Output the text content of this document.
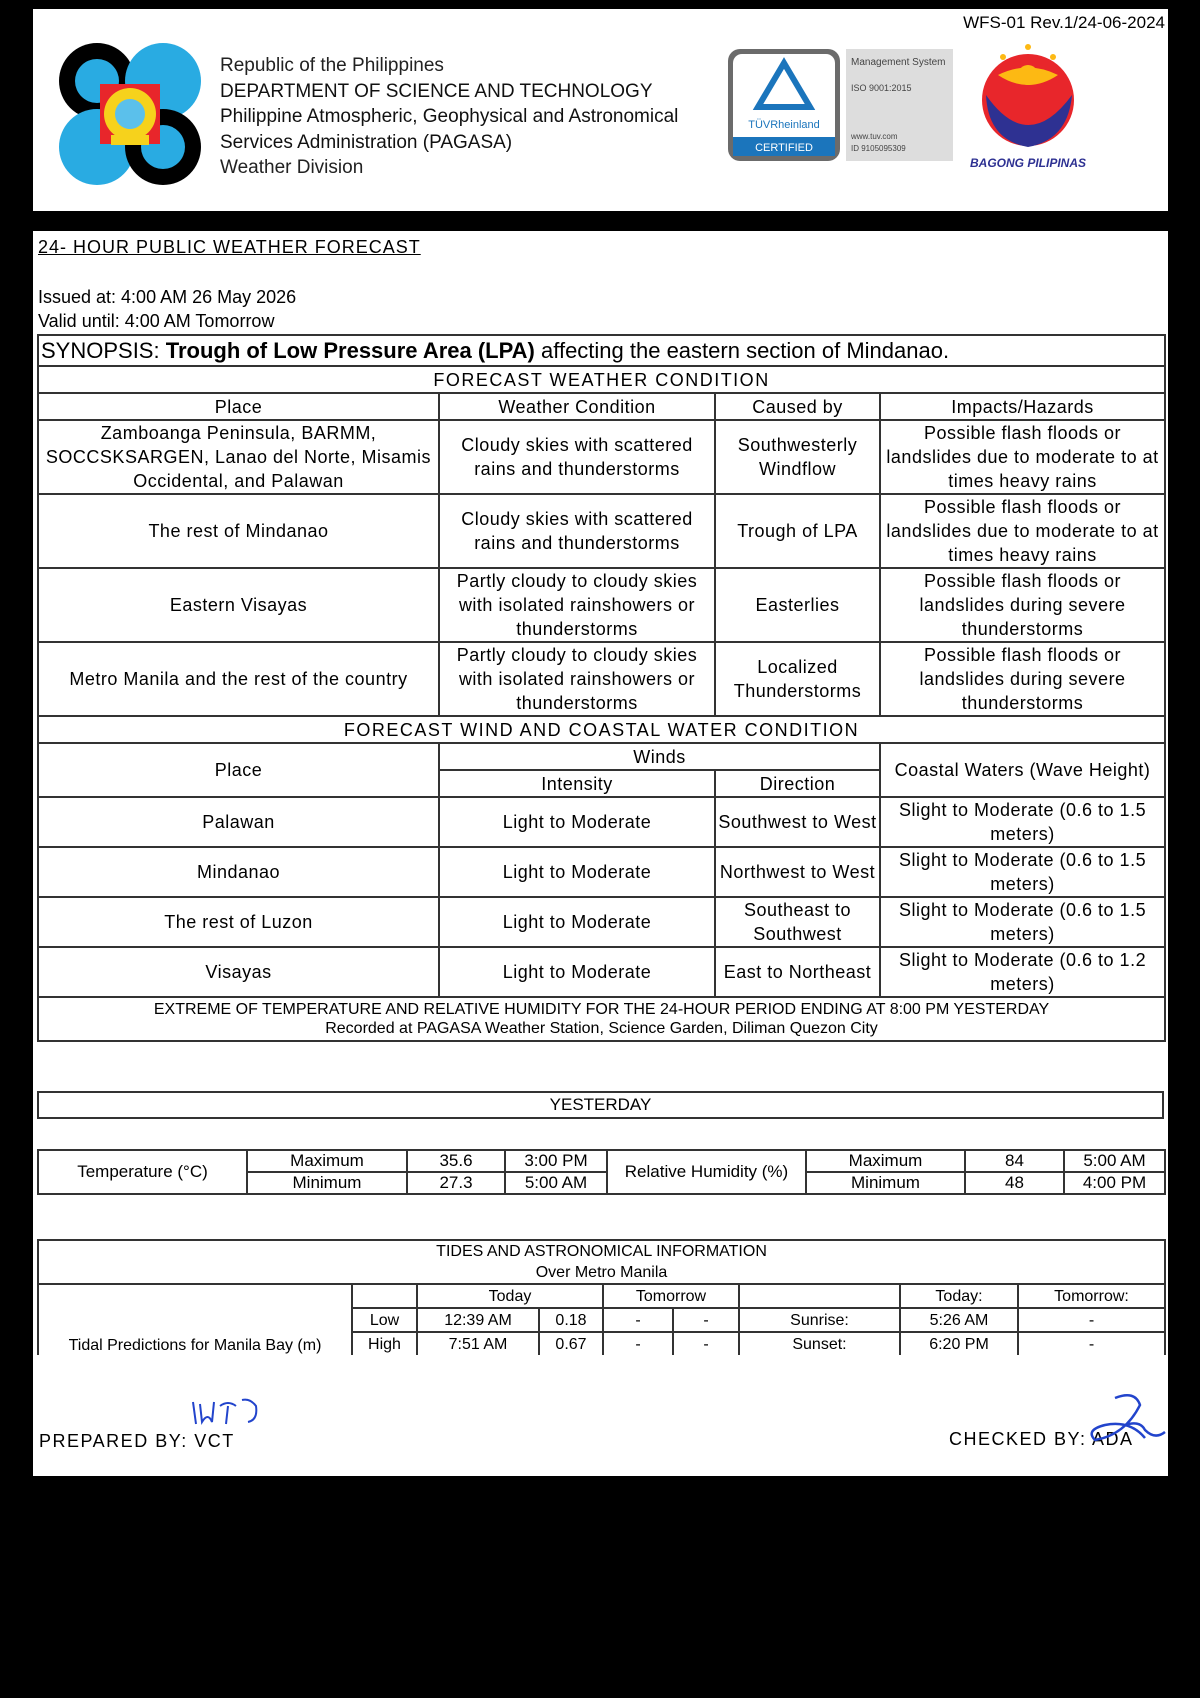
WFS-01 Rev.1/24-06-2024
Republic of the Philippines
DEPARTMENT OF SCIENCE AND TECHNOLOGY
Philippine Atmospheric, Geophysical and Astronomical
Services Administration (PAGASA)
Weather Division
TÜVRheinland
CERTIFIED
Management System
ISO 9001:2015
www.tuv.com
ID 9105095309
BAGONG PILIPINAS
24- HOUR PUBLIC WEATHER FORECAST
Issued at: 4:00 AM 26 May 2026
Valid until: 4:00 AM Tomorrow
SYNOPSIS: Trough of Low Pressure Area (LPA) affecting the eastern section of Mindanao.			
FORECAST WEATHER CONDITION			
Place	Weather Condition	Caused by	Impacts/Hazards
Zamboanga Peninsula, BARMM, SOCCSKSARGEN, Lanao del Norte, Misamis Occidental, and Palawan	Cloudy skies with scattered rains and thunderstorms	Southwesterly Windflow	Possible flash floods or landslides due to moderate to at times heavy rains
The rest of Mindanao	Cloudy skies with scattered rains and thunderstorms	Trough of LPA	Possible flash floods or landslides due to moderate to at times heavy rains
Eastern Visayas	Partly cloudy to cloudy skies with isolated rainshowers or thunderstorms	Easterlies	Possible flash floods or landslides during severe thunderstorms
Metro Manila and the rest of the country	Partly cloudy to cloudy skies with isolated rainshowers or thunderstorms	Localized Thunderstorms	Possible flash floods or landslides during severe thunderstorms
FORECAST WIND AND COASTAL WATER CONDITION			
Place	Winds		Coastal Waters (Wave Height)
	Intensity	Direction	
Palawan	Light to Moderate	Southwest to West	Slight to Moderate (0.6 to 1.5 meters)
Mindanao	Light to Moderate	Northwest to West	Slight to Moderate (0.6 to 1.5 meters)
The rest of Luzon	Light to Moderate	Southeast to Southwest	Slight to Moderate (0.6 to 1.5 meters)
Visayas	Light to Moderate	East to Northeast	Slight to Moderate (0.6 to 1.2 meters)

EXTREME OF TEMPERATURE AND RELATIVE HUMIDITY FOR THE 24-HOUR PERIOD ENDING AT 8:00 PM YESTERDAY
Recorded at PAGASA Weather Station, Science Garden, Diliman Quezon City			
YESTERDAY
Temperature (°C)	Maximum	35.6	3:00 PM	Relative Humidity (%)	Maximum	84	5:00 AM
	Minimum	27.3	5:00 AM		Minimum	48	4:00 PM
TIDES AND ASTRONOMICAL INFORMATION
Over Metro Manila								

Tidal Predictions for Manila Bay (m)		Today		Tomorrow			Today:	Tomorrow:
	Low	12:39 AM	0.18	-	-	Sunrise:	5:26 AM	-
	High	7:51 AM	0.67	-	-	Sunset:	6:20 PM	-

PREPARED BY: VCT	CHECKED BY: ADA
